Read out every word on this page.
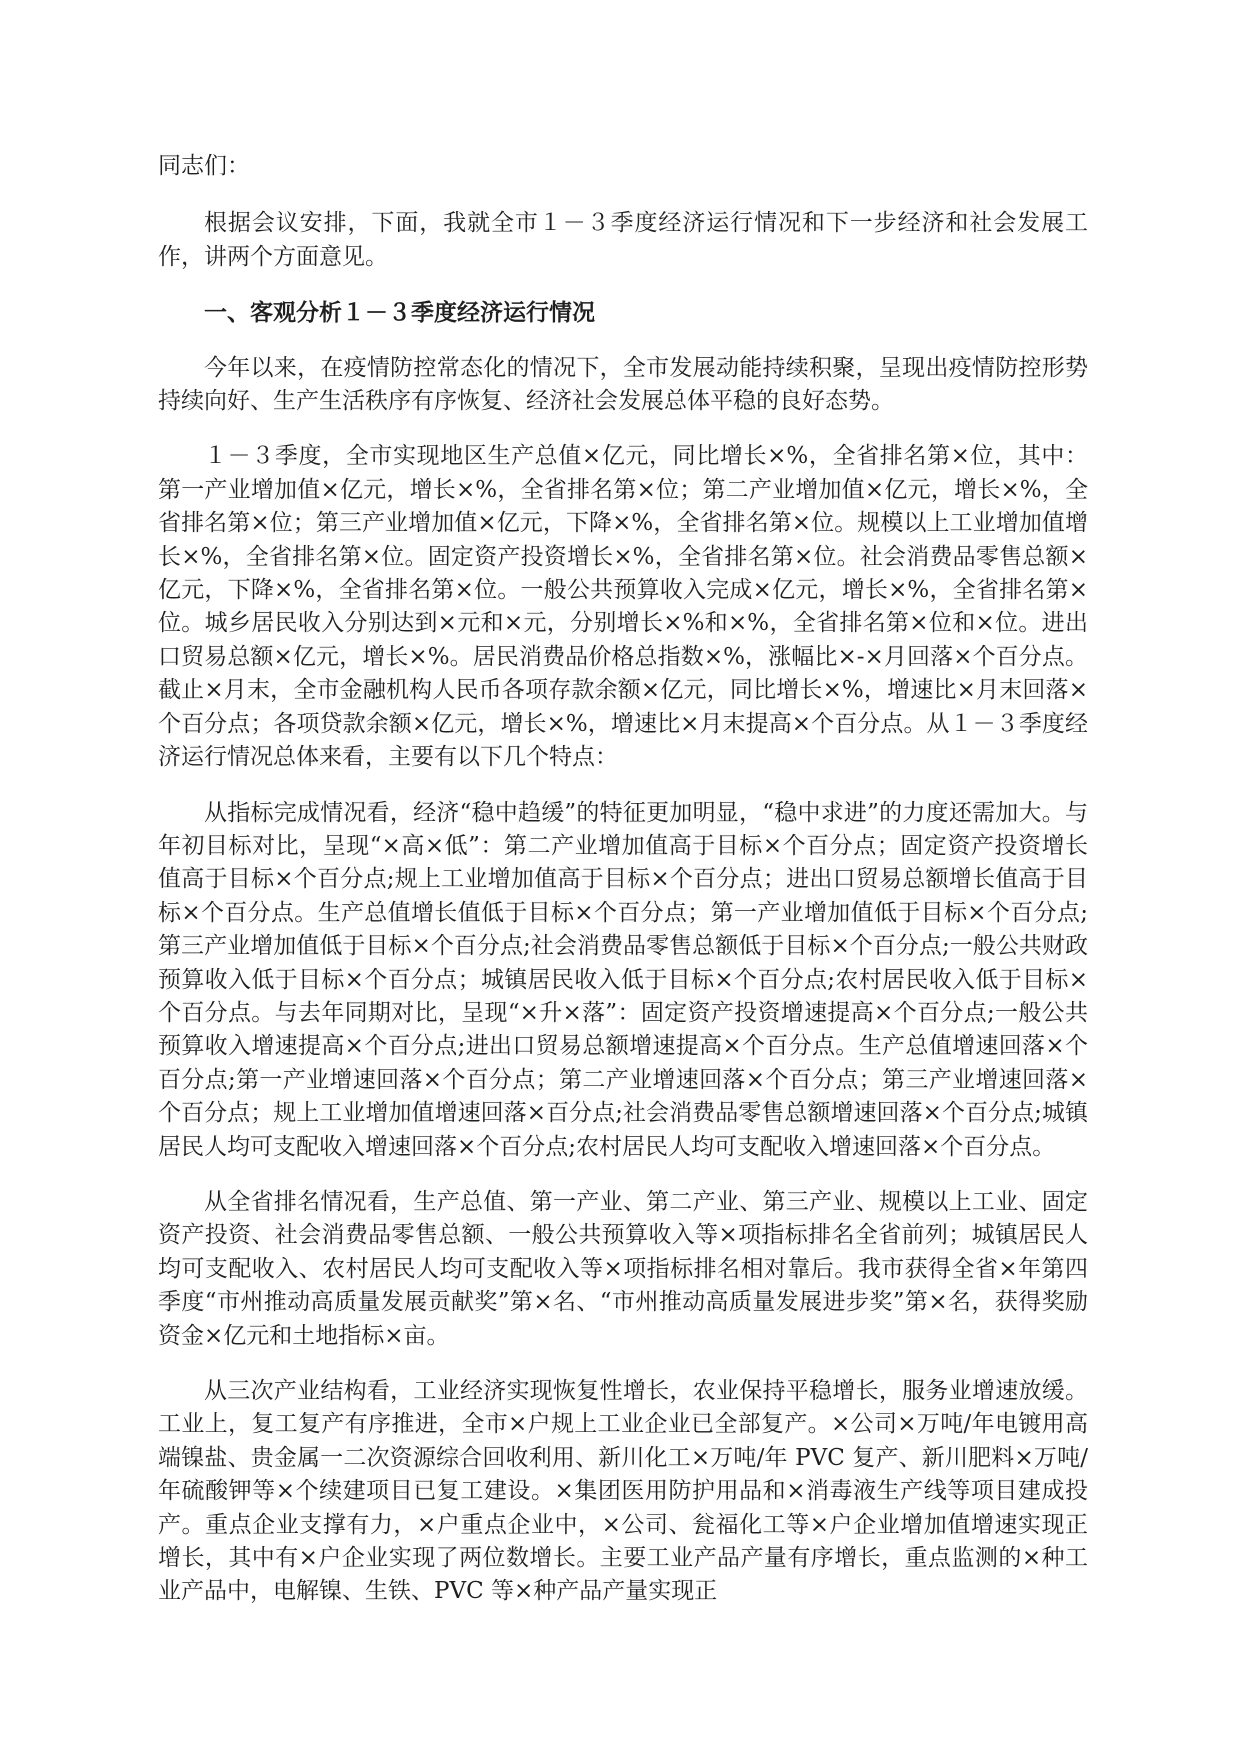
同志们：

根据会议安排，下面，我就全市１－３季度经济运行情况和下一步经济和社会发展工作，讲两个方面意见。

一、客观分析１－３季度经济运行情况

今年以来，在疫情防控常态化的情况下，全市发展动能持续积聚，呈现出疫情防控形势持续向好、生产生活秩序有序恢复、经济社会发展总体平稳的良好态势。

１－３季度，全市实现地区生产总值×亿元，同比增长×%，全省排名第×位，其中：第一产业增加值×亿元，增长×%，全省排名第×位；第二产业增加值×亿元，增长×%，全省排名第×位；第三产业增加值×亿元，下降×%，全省排名第×位。规模以上工业增加值增长×%，全省排名第×位。固定资产投资增长×%，全省排名第×位。社会消费品零售总额×亿元，下降×%，全省排名第×位。一般公共预算收入完成×亿元，增长×%，全省排名第×位。城乡居民收入分别达到×元和×元，分别增长×%和×%，全省排名第×位和×位。进出口贸易总额×亿元，增长×%。居民消费品价格总指数×%，涨幅比×-×月回落×个百分点。截止×月末，全市金融机构人民币各项存款余额×亿元，同比增长×%，增速比×月末回落×个百分点；各项贷款余额×亿元，增长×%，增速比×月末提高×个百分点。从１－３季度经济运行情况总体来看，主要有以下几个特点：

从指标完成情况看，经济“稳中趋缓”的特征更加明显，“稳中求进”的力度还需加大。与年初目标对比，呈现“×高×低”：第二产业增加值高于目标×个百分点；固定资产投资增长值高于目标×个百分点;规上工业增加值高于目标×个百分点；进出口贸易总额增长值高于目标×个百分点。生产总值增长值低于目标×个百分点；第一产业增加值低于目标×个百分点;第三产业增加值低于目标×个百分点;社会消费品零售总额低于目标×个百分点;一般公共财政预算收入低于目标×个百分点；城镇居民收入低于目标×个百分点;农村居民收入低于目标×个百分点。与去年同期对比，呈现“×升×落”：固定资产投资增速提高×个百分点;一般公共预算收入增速提高×个百分点;进出口贸易总额增速提高×个百分点。生产总值增速回落×个百分点;第一产业增速回落×个百分点；第二产业增速回落×个百分点；第三产业增速回落×个百分点；规上工业增加值增速回落×百分点;社会消费品零售总额增速回落×个百分点;城镇居民人均可支配收入增速回落×个百分点;农村居民人均可支配收入增速回落×个百分点。

从全省排名情况看，生产总值、第一产业、第二产业、第三产业、规模以上工业、固定资产投资、社会消费品零售总额、一般公共预算收入等×项指标排名全省前列；城镇居民人均可支配收入、农村居民人均可支配收入等×项指标排名相对靠后。我市获得全省×年第四季度“市州推动高质量发展贡献奖”第×名、“市州推动高质量发展进步奖”第×名，获得奖励资金×亿元和土地指标×亩。

从三次产业结构看，工业经济实现恢复性增长，农业保持平稳增长，服务业增速放缓。工业上，复工复产有序推进，全市×户规上工业企业已全部复产。×公司×万吨/年电镀用高端镍盐、贵金属一二次资源综合回收利用、新川化工×万吨/年 PVC 复产、新川肥料×万吨/年硫酸钾等×个续建项目已复工建设。×集团医用防护用品和×消毒液生产线等项目建成投产。重点企业支撑有力，×户重点企业中，×公司、瓮福化工等×户企业增加值增速实现正增长，其中有×户企业实现了两位数增长。主要工业产品产量有序增长，重点监测的×种工业产品中，电解镍、生铁、PVC 等×种产品产量实现正
